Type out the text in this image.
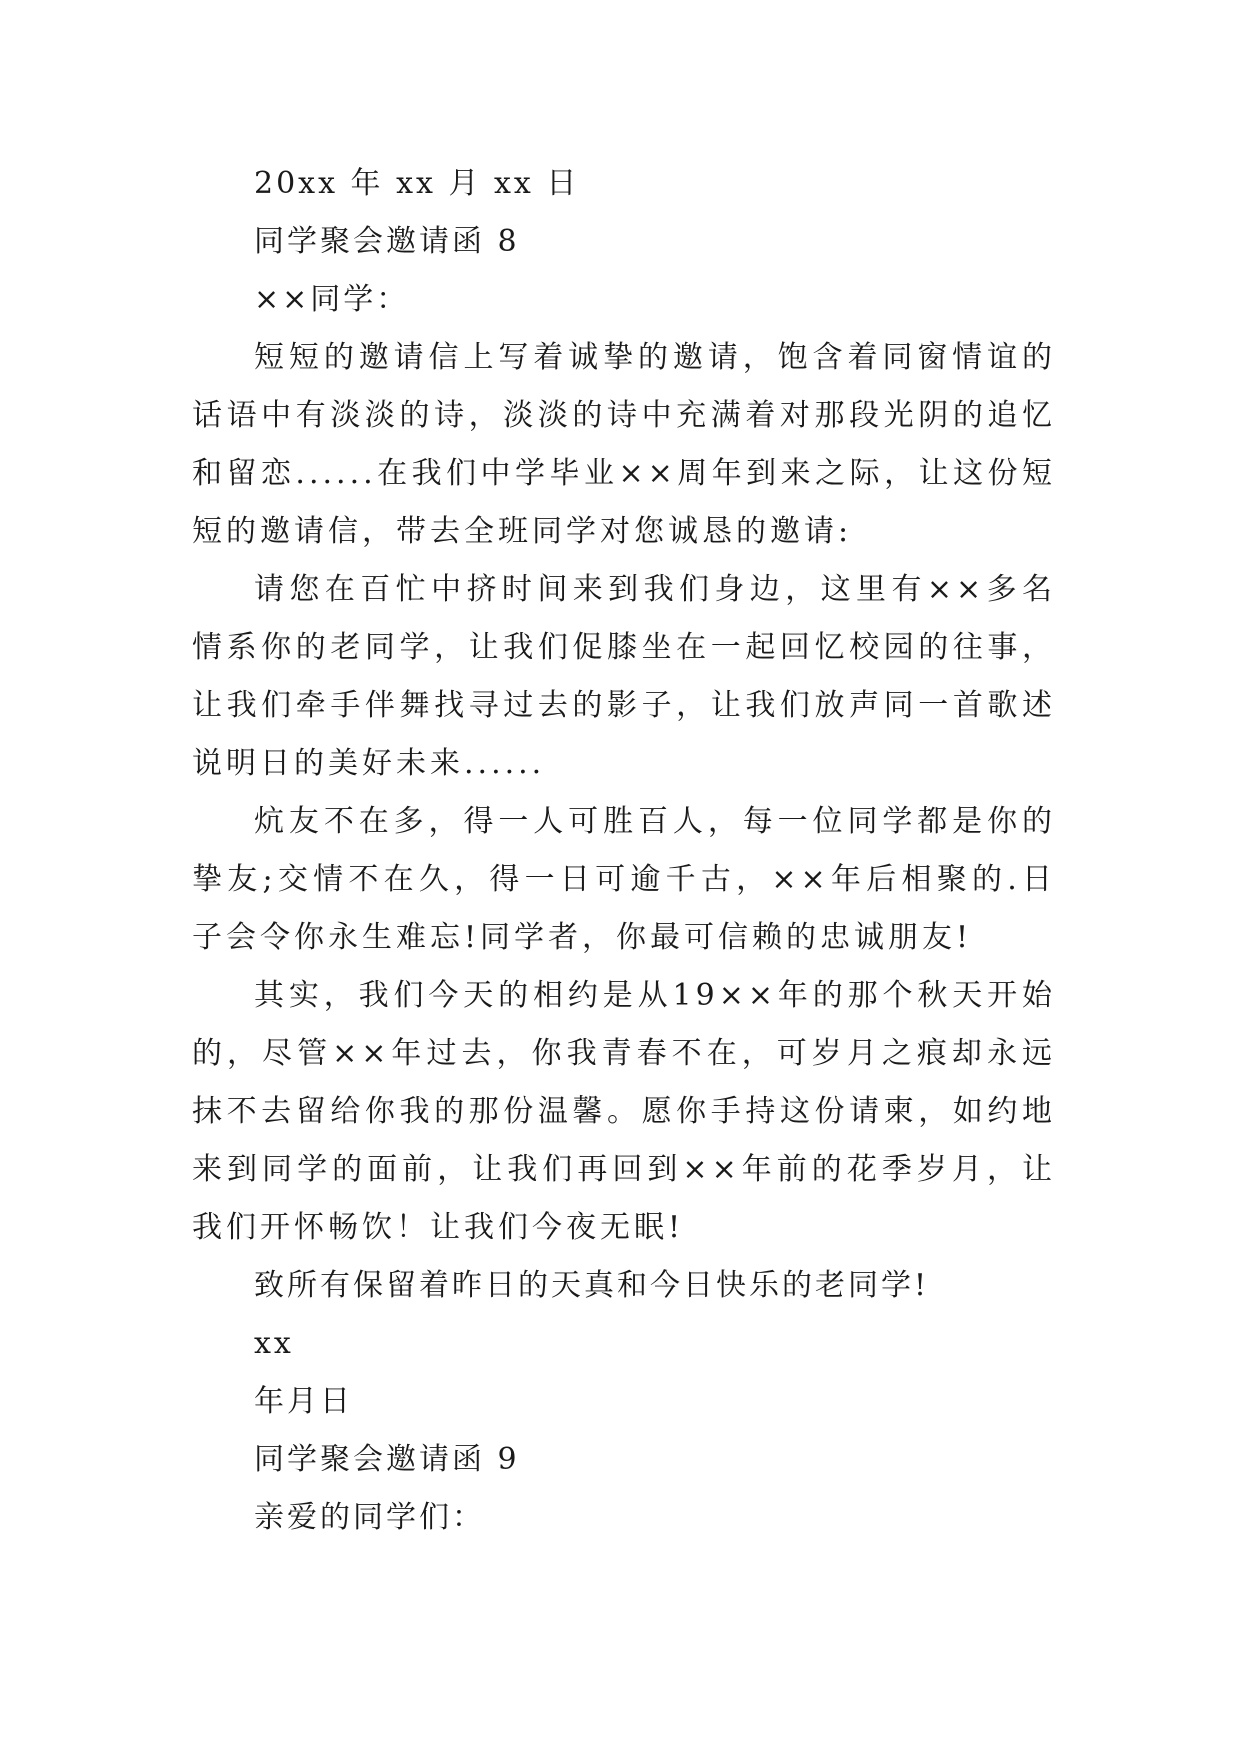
20xx 年 xx 月 xx 日

同学聚会邀请函 8

××同学：

短短的邀请信上写着诚挚的邀请，饱含着同窗情谊的话语中有淡淡的诗，淡淡的诗中充满着对那段光阴的追忆和留恋......在我们中学毕业××周年到来之际，让这份短短的邀请信，带去全班同学对您诚恳的邀请:

请您在百忙中挤时间来到我们身边，这里有××多名情系你的老同学，让我们促膝坐在一起回忆校园的往事，让我们牵手伴舞找寻过去的影子，让我们放声同一首歌述说明日的美好未来......

炕友不在多，得一人可胜百人，每一位同学都是你的挚友;交情不在久，得一日可逾千古，××年后相聚的.日子会令你永生难忘!同学者，你最可信赖的忠诚朋友!

其实，我们今天的相约是从19××年的那个秋天开始的，尽管××年过去，你我青春不在，可岁月之痕却永远抹不去留给你我的那份温馨。愿你手持这份请柬，如约地来到同学的面前，让我们再回到××年前的花季岁月，让我们开怀畅饮！让我们今夜无眠!

致所有保留着昨日的天真和今日快乐的老同学!

xx

年月日

同学聚会邀请函 9

亲爱的同学们：
